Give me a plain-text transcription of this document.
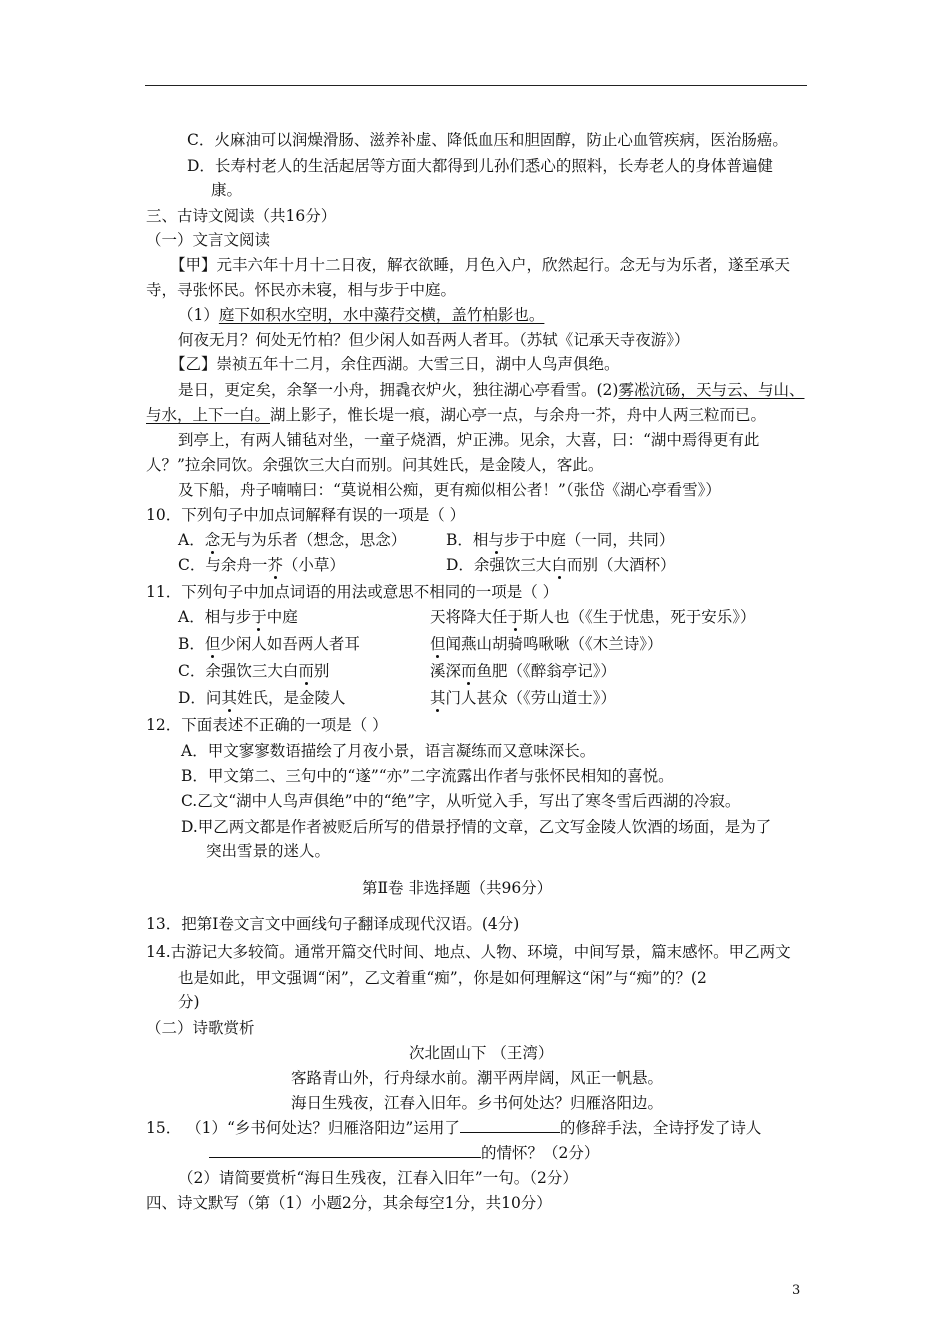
C．火麻油可以润燥滑肠、滋养补虚、降低血压和胆固醇，防止心血管疾病，医治肠癌。
D．长寿村老人的生活起居等方面大都得到儿孙们悉心的照料，长寿老人的身体普遍健
康。
三、古诗文阅读（共16分）
（一）文言文阅读
【甲】元丰六年十月十二日夜，解衣欲睡，月色入户，欣然起行。念无与为乐者，遂至承天
寺，寻张怀民。怀民亦未寝，相与步于中庭。
（1）庭下如积水空明，水中藻荇交横，盖竹柏影也。
何夜无月？何处无竹柏？但少闲人如吾两人者耳。（苏轼《记承天寺夜游》）
【乙】崇祯五年十二月，余住西湖。大雪三日，湖中人鸟声俱绝。
是日，更定矣，余拏一小舟，拥毳衣炉火，独往湖心亭看雪。(2)雾凇沆砀，天与云、与山、
与水，上下一白。湖上影子，惟长堤一痕，湖心亭一点，与余舟一芥，舟中人两三粒而已。
到亭上，有两人铺毡对坐，一童子烧酒，炉正沸。见余，大喜，曰：“湖中焉得更有此
人？”拉余同饮。余强饮三大白而别。问其姓氏，是金陵人，客此。
及下船，舟子喃喃曰：“莫说相公痴，更有痴似相公者！”（张岱《湖心亭看雪》）
10．下列句子中加点词解释有误的一项是（ ）
A．念无与为乐者（想念，思念）	B．相与步于中庭（一同，共同）
C．与余舟一芥（小草）	D．余强饮三大白而别（大酒杯）
11．下列句子中加点词语的用法或意思不相同的一项是（ ）
A．相与步于中庭	天将降大任于斯人也（《生于忧患，死于安乐》）
B．但少闲人如吾两人者耳	但闻燕山胡骑鸣啾啾（《木兰诗》）
C．余强饮三大白而别	溪深而鱼肥（《醉翁亭记》）
D．问其姓氏，是金陵人	其门人甚众（《劳山道士》）
12．下面表述不正确的一项是（ ）
A．甲文寥寥数语描绘了月夜小景，语言凝练而又意味深长。
B．甲文第二、三句中的“遂”“亦”二字流露出作者与张怀民相知的喜悦。
C.乙文“湖中人鸟声俱绝”中的“绝”字，从听觉入手，写出了寒冬雪后西湖的冷寂。
D.甲乙两文都是作者被贬后所写的借景抒情的文章，乙文写金陵人饮酒的场面，是为了
突出雪景的迷人。
第Ⅱ卷 非选择题（共96分）
13．把第Ⅰ卷文言文中画线句子翻译成现代汉语。(4分)
14.古游记大多较简。通常开篇交代时间、地点、人物、环境，中间写景，篇末感怀。甲乙两文
也是如此，甲文强调“闲”，乙文着重“痴”，你是如何理解这“闲”与“痴”的？(2
分)
（二）诗歌赏析
次北固山下 （王湾）
客路青山外，行舟绿水前。潮平两岸阔，风正一帆悬。
海日生残夜，江春入旧年。乡书何处达？归雁洛阳边。
15． （1）“乡书何处达？归雁洛阳边”运用了	的修辞手法，全诗抒发了诗人
的情怀？（2分）
（2）请简要赏析“海日生残夜，江春入旧年”一句。（2分）
四、诗文默写（第（1）小题2分，其余每空1分，共10分）
3
